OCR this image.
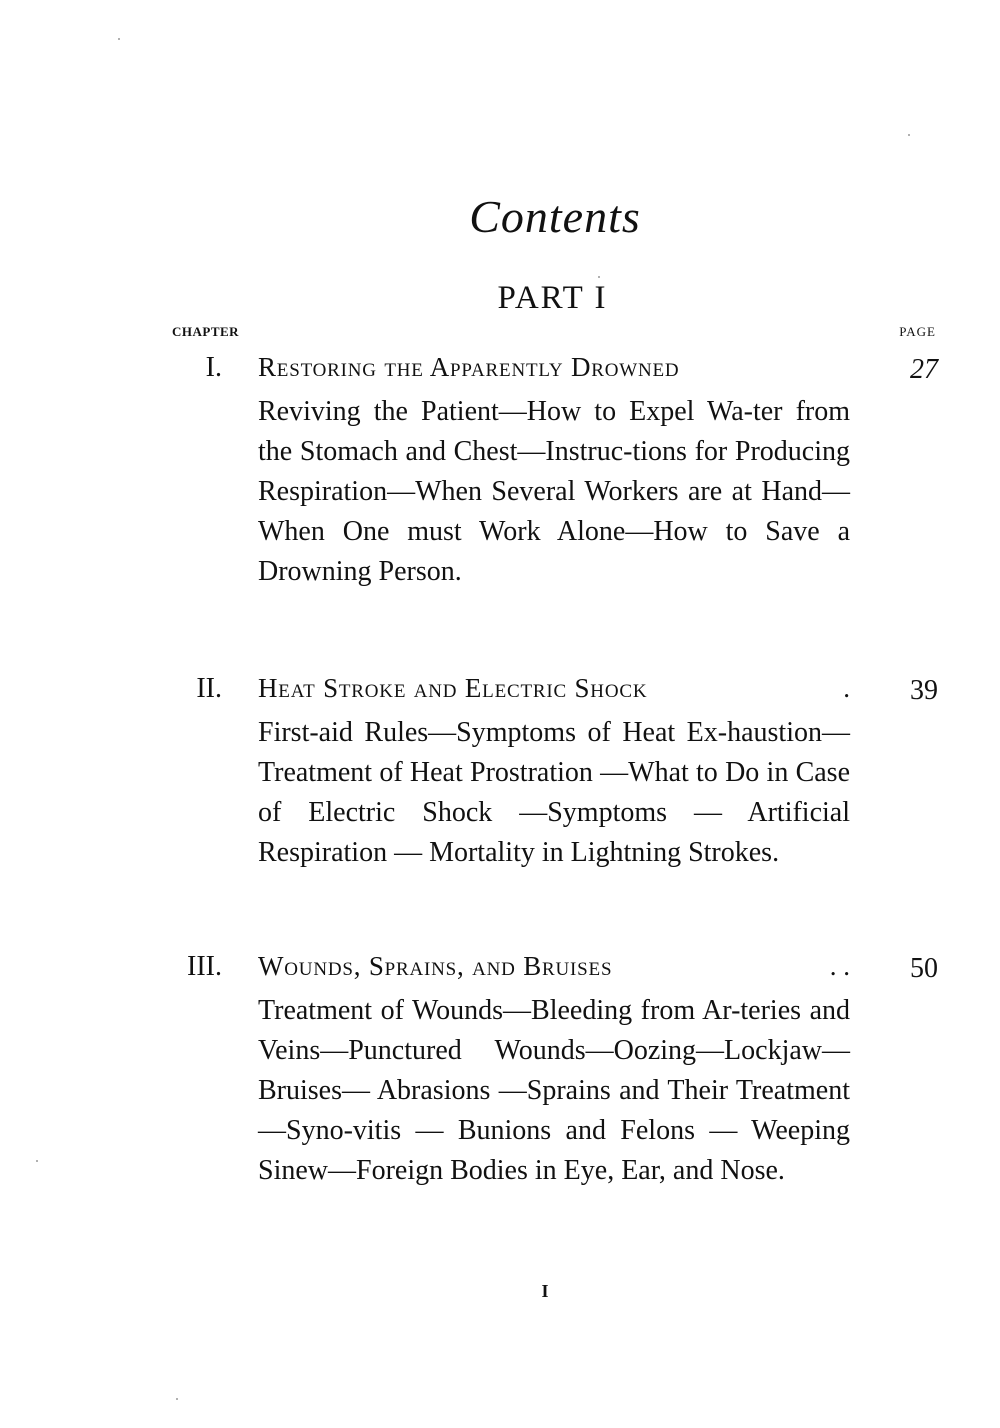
Contents
PART I
CHAPTER	PAGE
I. Restoring the Apparently Drowned	27
Reviving the Patient—How to Expel Wa-ter from the Stomach and Chest—Instruc-tions for Producing Respiration—When Several Workers are at Hand—When One must Work Alone—How to Save a Drowning Person.
II. Heat Stroke and Electric Shock	. 39
First-aid Rules—Symptoms of Heat Ex-haustion—Treatment of Heat Prostration —What to Do in Case of Electric Shock —Symptoms — Artificial Respiration — Mortality in Lightning Strokes.
III. Wounds, Sprains, and Bruises	. . 50
Treatment of Wounds—Bleeding from Ar-teries and Veins—Punctured Wounds—Oozing—Lockjaw—Bruises— Abrasions —Sprains and Their Treatment—Syno-vitis — Bunions and Felons — Weeping Sinew—Foreign Bodies in Eye, Ear, and Nose.
I
